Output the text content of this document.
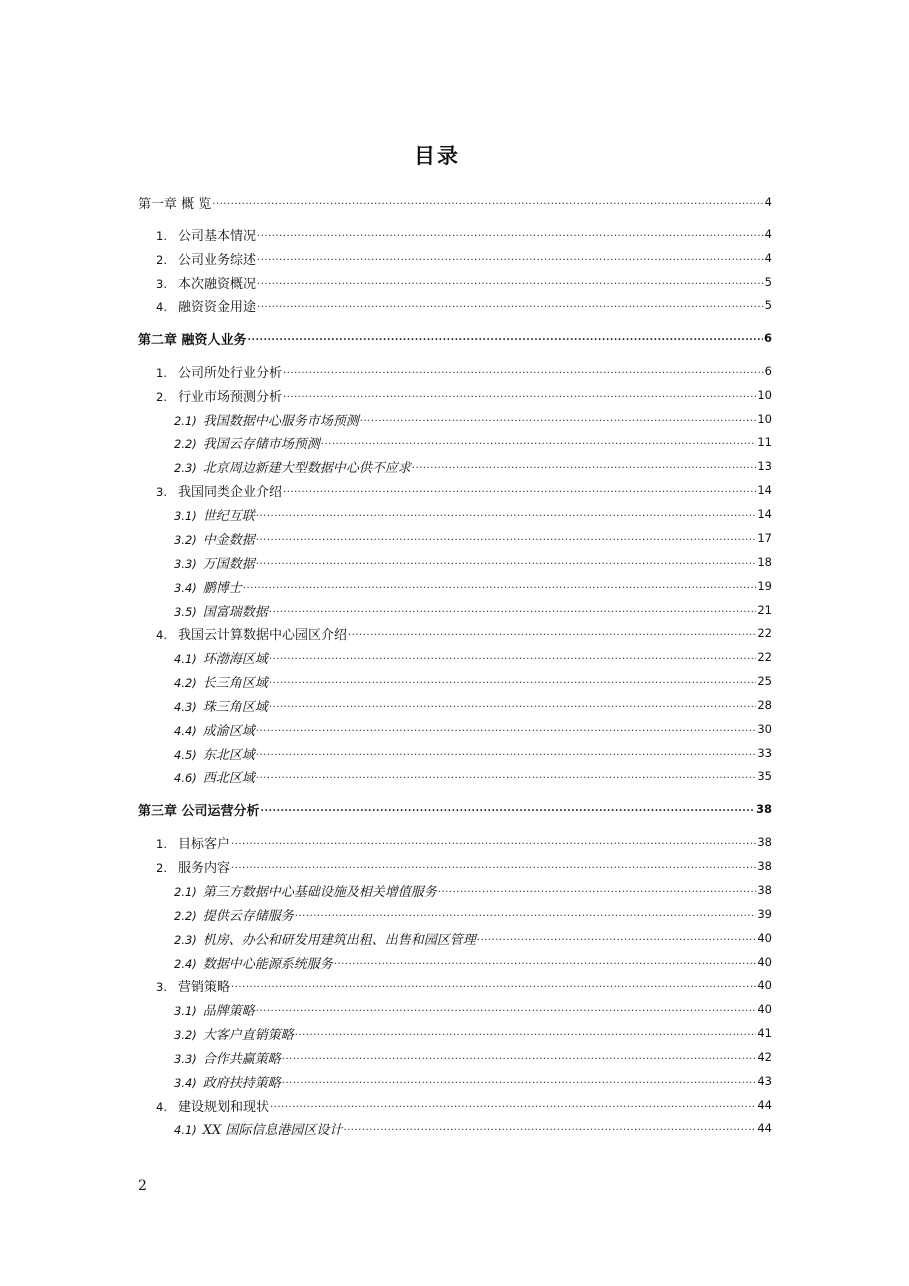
目录
第一章 概 览 .....	4
1. 公司基本情况 .....	4
2. 公司业务综述 .....	4
3. 本次融资概况 .....	5
4. 融资资金用途 .....	5
第二章 融资人业务 .....	6
1. 公司所处行业分析 .....	6
2. 行业市场预测分析 .....	10
2.1) 我国数据中心服务市场预测 .....	10
2.2) 我国云存储市场预测 .....	11
2.3) 北京周边新建大型数据中心供不应求 .....	13
3. 我国同类企业介绍 .....	14
3.1) 世纪互联 .....	14
3.2) 中金数据 .....	17
3.3) 万国数据 .....	18
3.4) 鹏博士 .....	19
3.5) 国富瑞数据 .....	21
4. 我国云计算数据中心园区介绍 .....	22
4.1) 环渤海区域 .....	22
4.2) 长三角区域 .....	25
4.3) 珠三角区域 .....	28
4.4) 成渝区域 .....	30
4.5) 东北区域 .....	33
4.6) 西北区域 .....	35
第三章 公司运营分析 .....	38
1. 目标客户 .....	38
2. 服务内容 .....	38
2.1) 第三方数据中心基础设施及相关增值服务 .....	38
2.2) 提供云存储服务 .....	39
2.3) 机房、办公和研发用建筑出租、出售和园区管理 .....	40
2.4) 数据中心能源系统服务 .....	40
3. 营销策略 .....	40
3.1) 品牌策略 .....	40
3.2) 大客户直销策略 .....	41
3.3) 合作共赢策略 .....	42
3.4) 政府扶持策略 .....	43
4. 建设规划和现状 .....	44
4.1) XX 国际信息港园区设计 .....	44
2
